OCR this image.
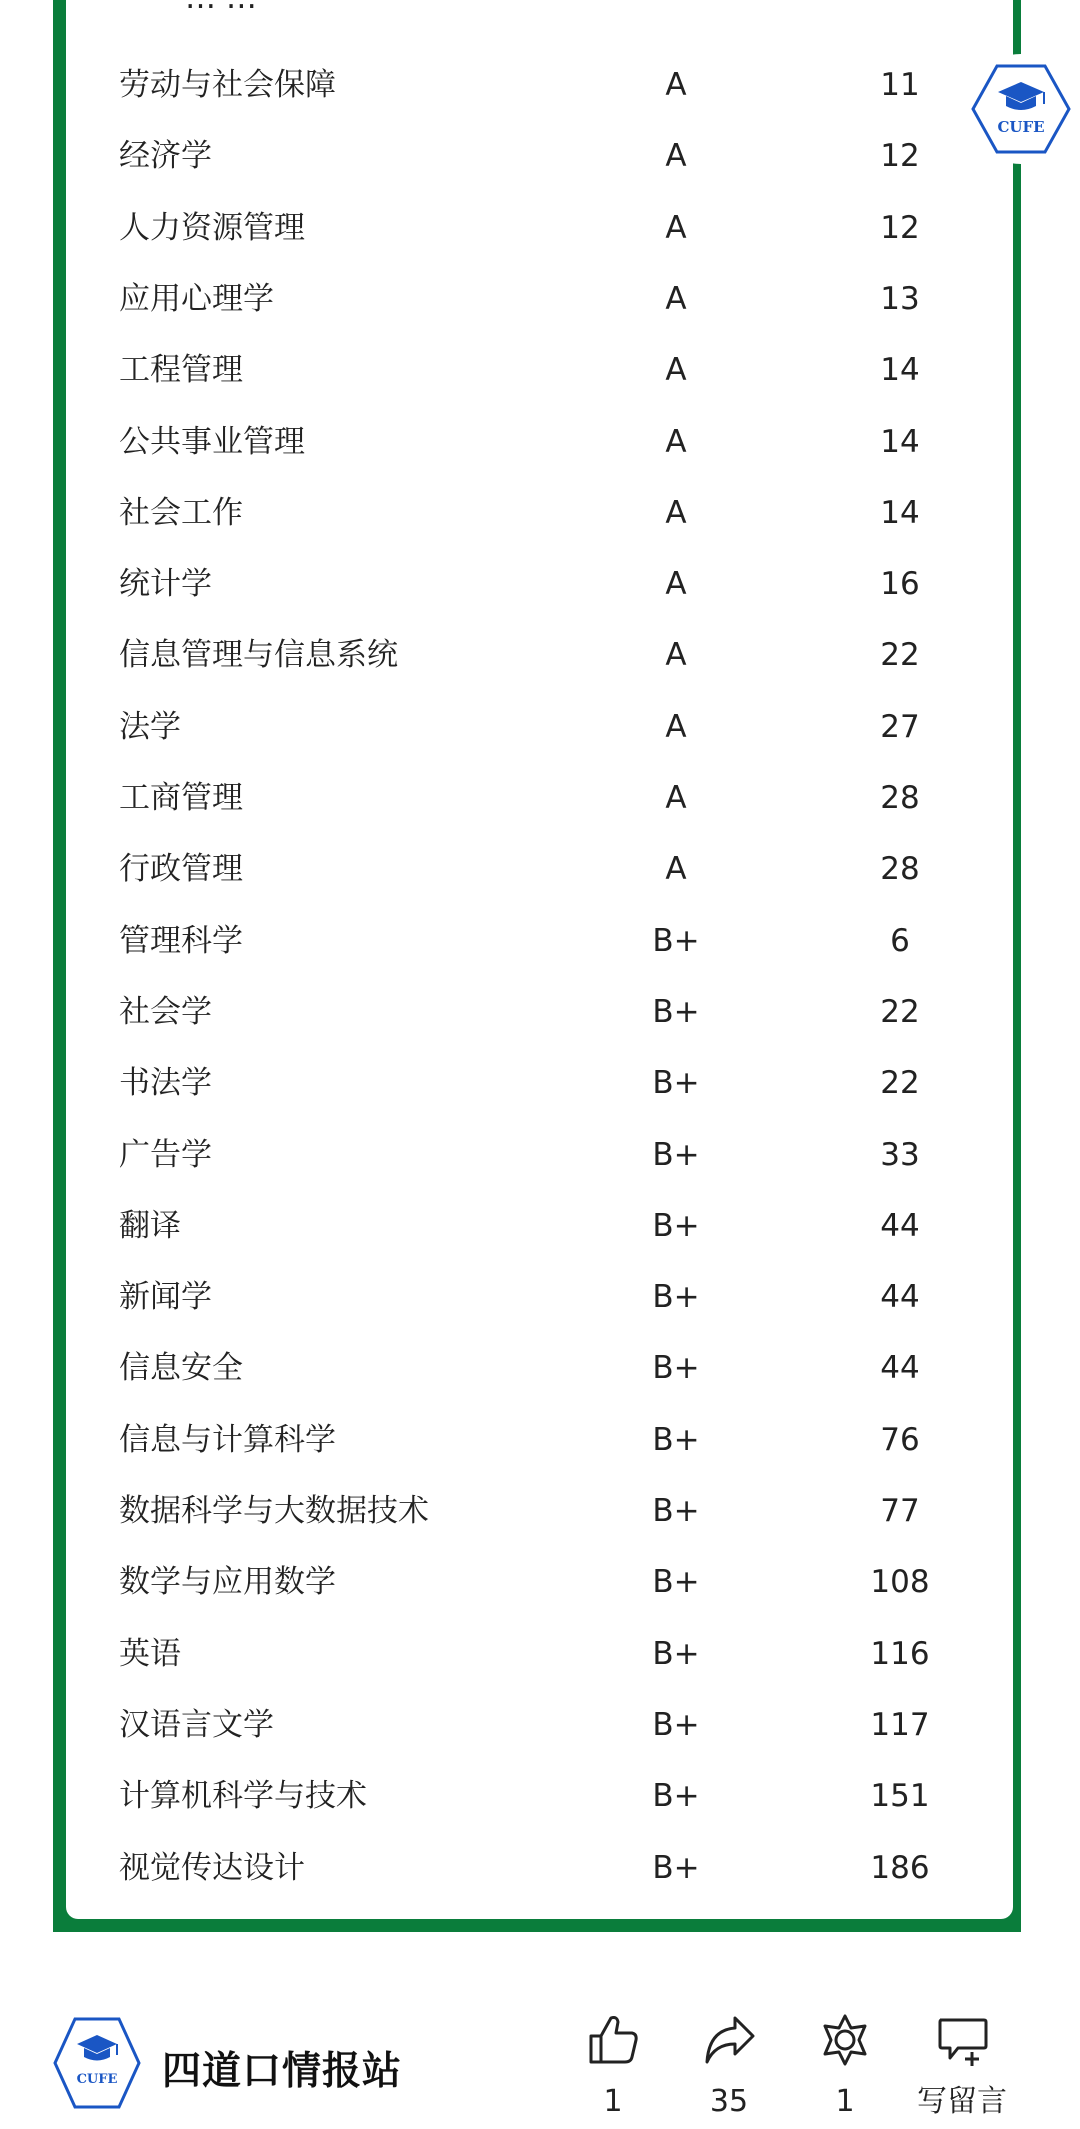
劳动与社会保障	A	11
经济学	A	12
人力资源管理	A	12
应用心理学	A	13
工程管理	A	14
公共事业管理	A	14
社会工作	A	14
统计学	A	16
信息管理与信息系统	A	22
法学	A	27
工商管理	A	28
行政管理	A	28
管理科学	B+	6
社会学	B+	22
书法学	B+	22
广告学	B+	33
翻译	B+	44
新闻学	B+	44
信息安全	B+	44
信息与计算科学	B+	76
数据科学与大数据技术	B+	77
数学与应用数学	B+	108
英语	B+	116
汉语言文学	B+	117
计算机科学与技术	B+	151
视觉传达设计	B+	186
CUFE
CUFE 四道口情报站
1	35	1	写留言
